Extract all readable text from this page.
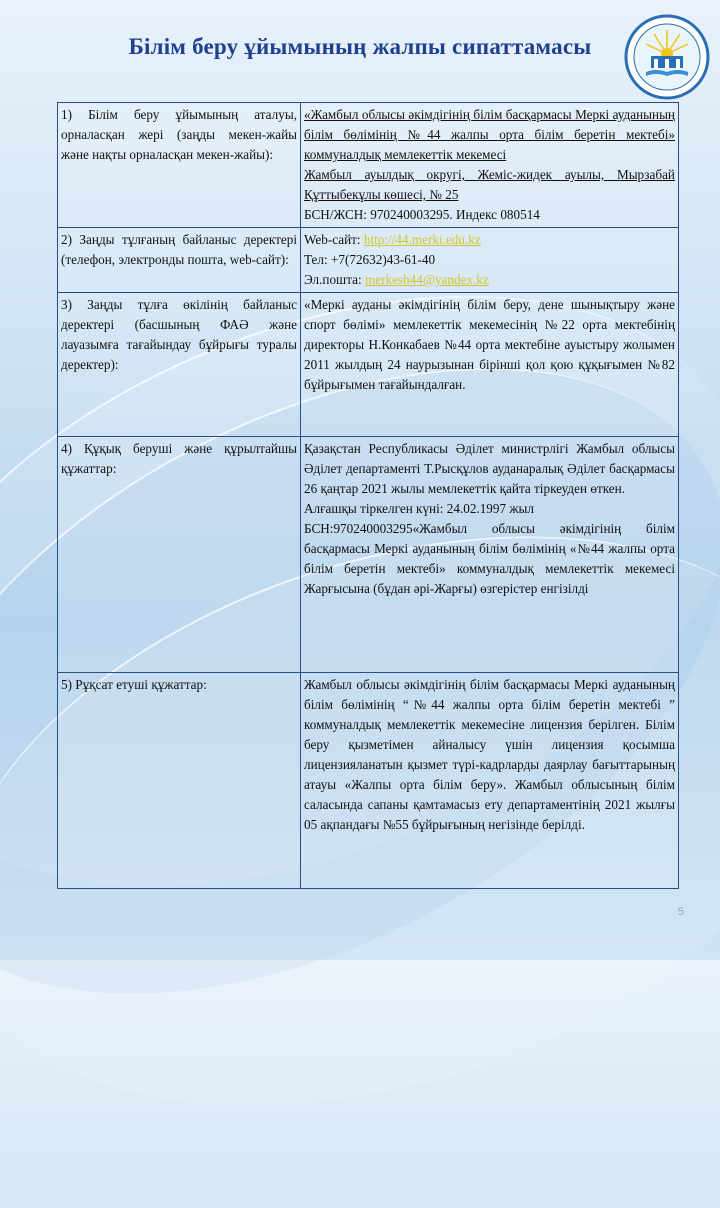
Білім беру ұйымының жалпы сипаттамасы
1) Білім беру ұйымының аталуы, орналасқан жері (заңды мекен-жайы және нақты орналасқан мекен-жайы):	«Жамбыл облысы әкімдігінің білім басқармасы Меркі ауданының білім бөлімінің №44 жалпы орта білім беретін мектебі» коммуналдық мемлекеттік мекемесі
Жамбыл ауылдық округі, Жеміс-жидек ауылы, Мырзабай Құттыбекұлы көшесі, № 25
БСН/ЖСН: 970240003295. Индекс 080514

2) Заңды тұлғаның байланыс деректері (телефон, электронды пошта, web-сайт):	Web-сайт: http://44.merki.edu.kz
Тел: +7(72632)43-61-40
Эл.пошта: merkesh44@yandex.kz

3) Заңды тұлға өкілінің байланыс деректері (басшының ФАӘ және лауазымға тағайындау бұйрығы туралы деректер):	«Меркі ауданы әкімдігінің білім беру, дене шынықтыру және спорт бөлімі» мемлекеттік мекемесінің №22 орта мектебінің директоры Н.Конкабаев №44 орта мектебіне ауыстыру жолымен 2011 жылдың 24 наурызынан бірінші қол қою құқығымен №82 бұйрығымен тағайындалған.
4) Құқық беруші және құрылтайшы құжаттар:	Қазақстан Республикасы Әділет министрлігі Жамбыл облысы Әділет департаменті Т.Рысқұлов ауданаралық Әділет басқармасы 26 қаңтар 2021 жылы мемлекеттік қайта тіркеуден өткен.
Алғашқы тіркелген күні: 24.02.1997 жыл
БСН:970240003295«Жамбыл облысы әкімдігінің білім басқармасы Меркі ауданының білім бөлімінің «№44 жалпы орта білім беретін мектебі» коммуналдық мемлекеттік мекемесі Жарғысына (бұдан әрі-Жарғы) өзгерістер енгізілді

5) Рұқсат етуші құжаттар:	Жамбыл облысы әкімдігінің білім басқармасы Меркі ауданының білім бөлімінің “№44 жалпы орта білім беретін мектебі ” коммуналдық мемлекеттік мекемесіне лицензия берілген. Білім беру қызметімен айналысу үшін лицензия қосымша лицензияланатын қызмет түрі-кадрларды даярлау бағыттарының атауы «Жалпы орта білім беру». Жамбыл облысының білім саласында сапаны қамтамасыз ету департаментінің 2021 жылғы 05 ақпандағы №55 бұйрығының негізінде берілді.
5
